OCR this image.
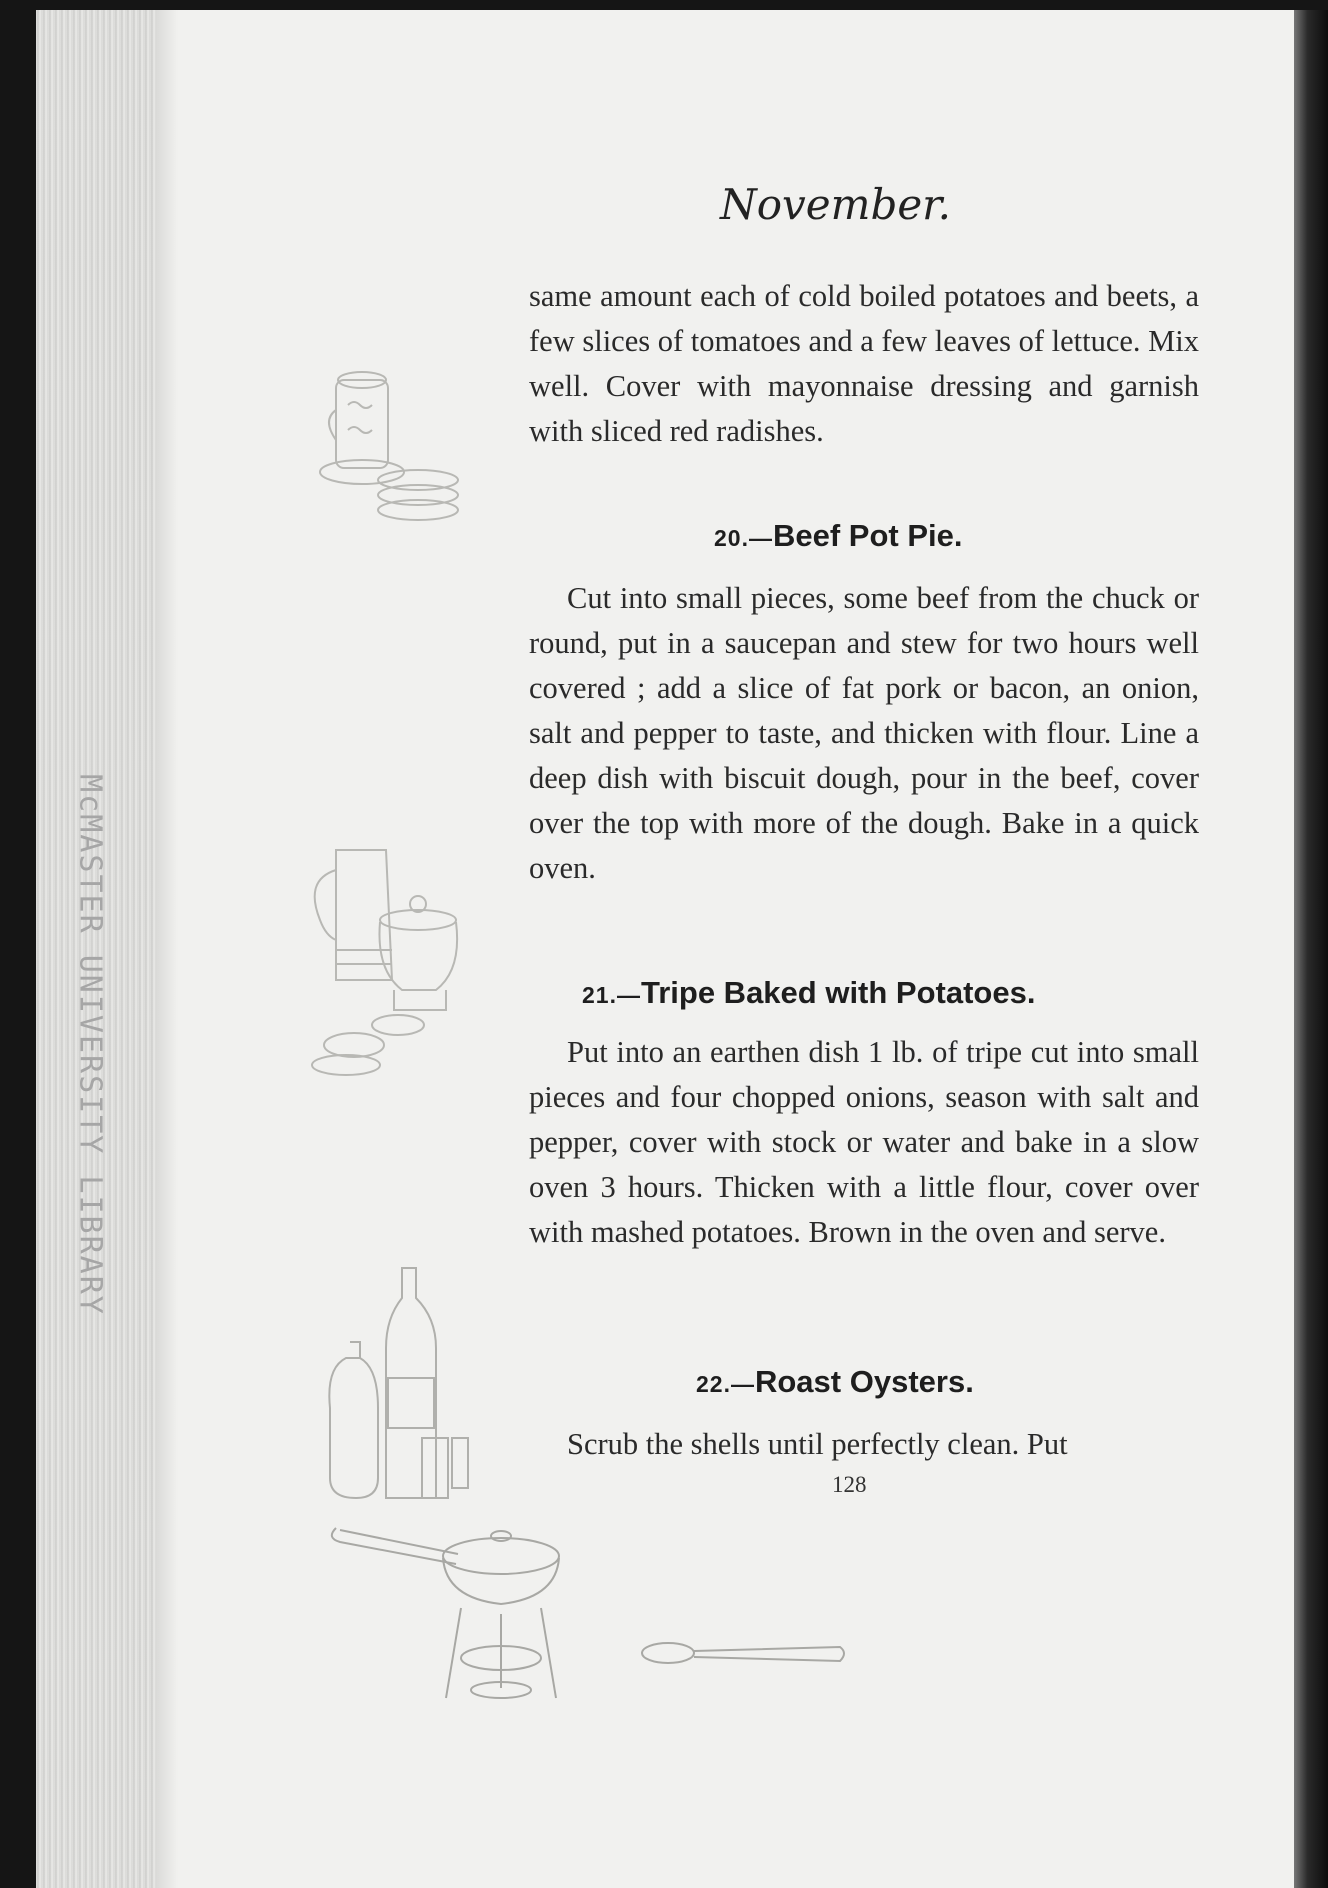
McMASTER UNIVERSITY LIBRARY
November.

same amount each of cold boiled potatoes and beets, a few slices of tomatoes and a few leaves of lettuce. Mix well. Cover with mayonnaise dressing and garnish with sliced red radishes.

20.—Beef Pot Pie.

Cut into small pieces, some beef from the chuck or round, put in a saucepan and stew for two hours well covered ; add a slice of fat pork or bacon, an onion, salt and pepper to taste, and thicken with flour. Line a deep dish with biscuit dough, pour in the beef, cover over the top with more of the dough. Bake in a quick oven.

21.—Tripe Baked with Potatoes.

Put into an earthen dish 1 lb. of tripe cut into small pieces and four chopped onions, season with salt and pepper, cover with stock or water and bake in a slow oven 3 hours. Thicken with a little flour, cover over with mashed potatoes. Brown in the oven and serve.

22.—Roast Oysters.

Scrub the shells until perfectly clean. Put

128
